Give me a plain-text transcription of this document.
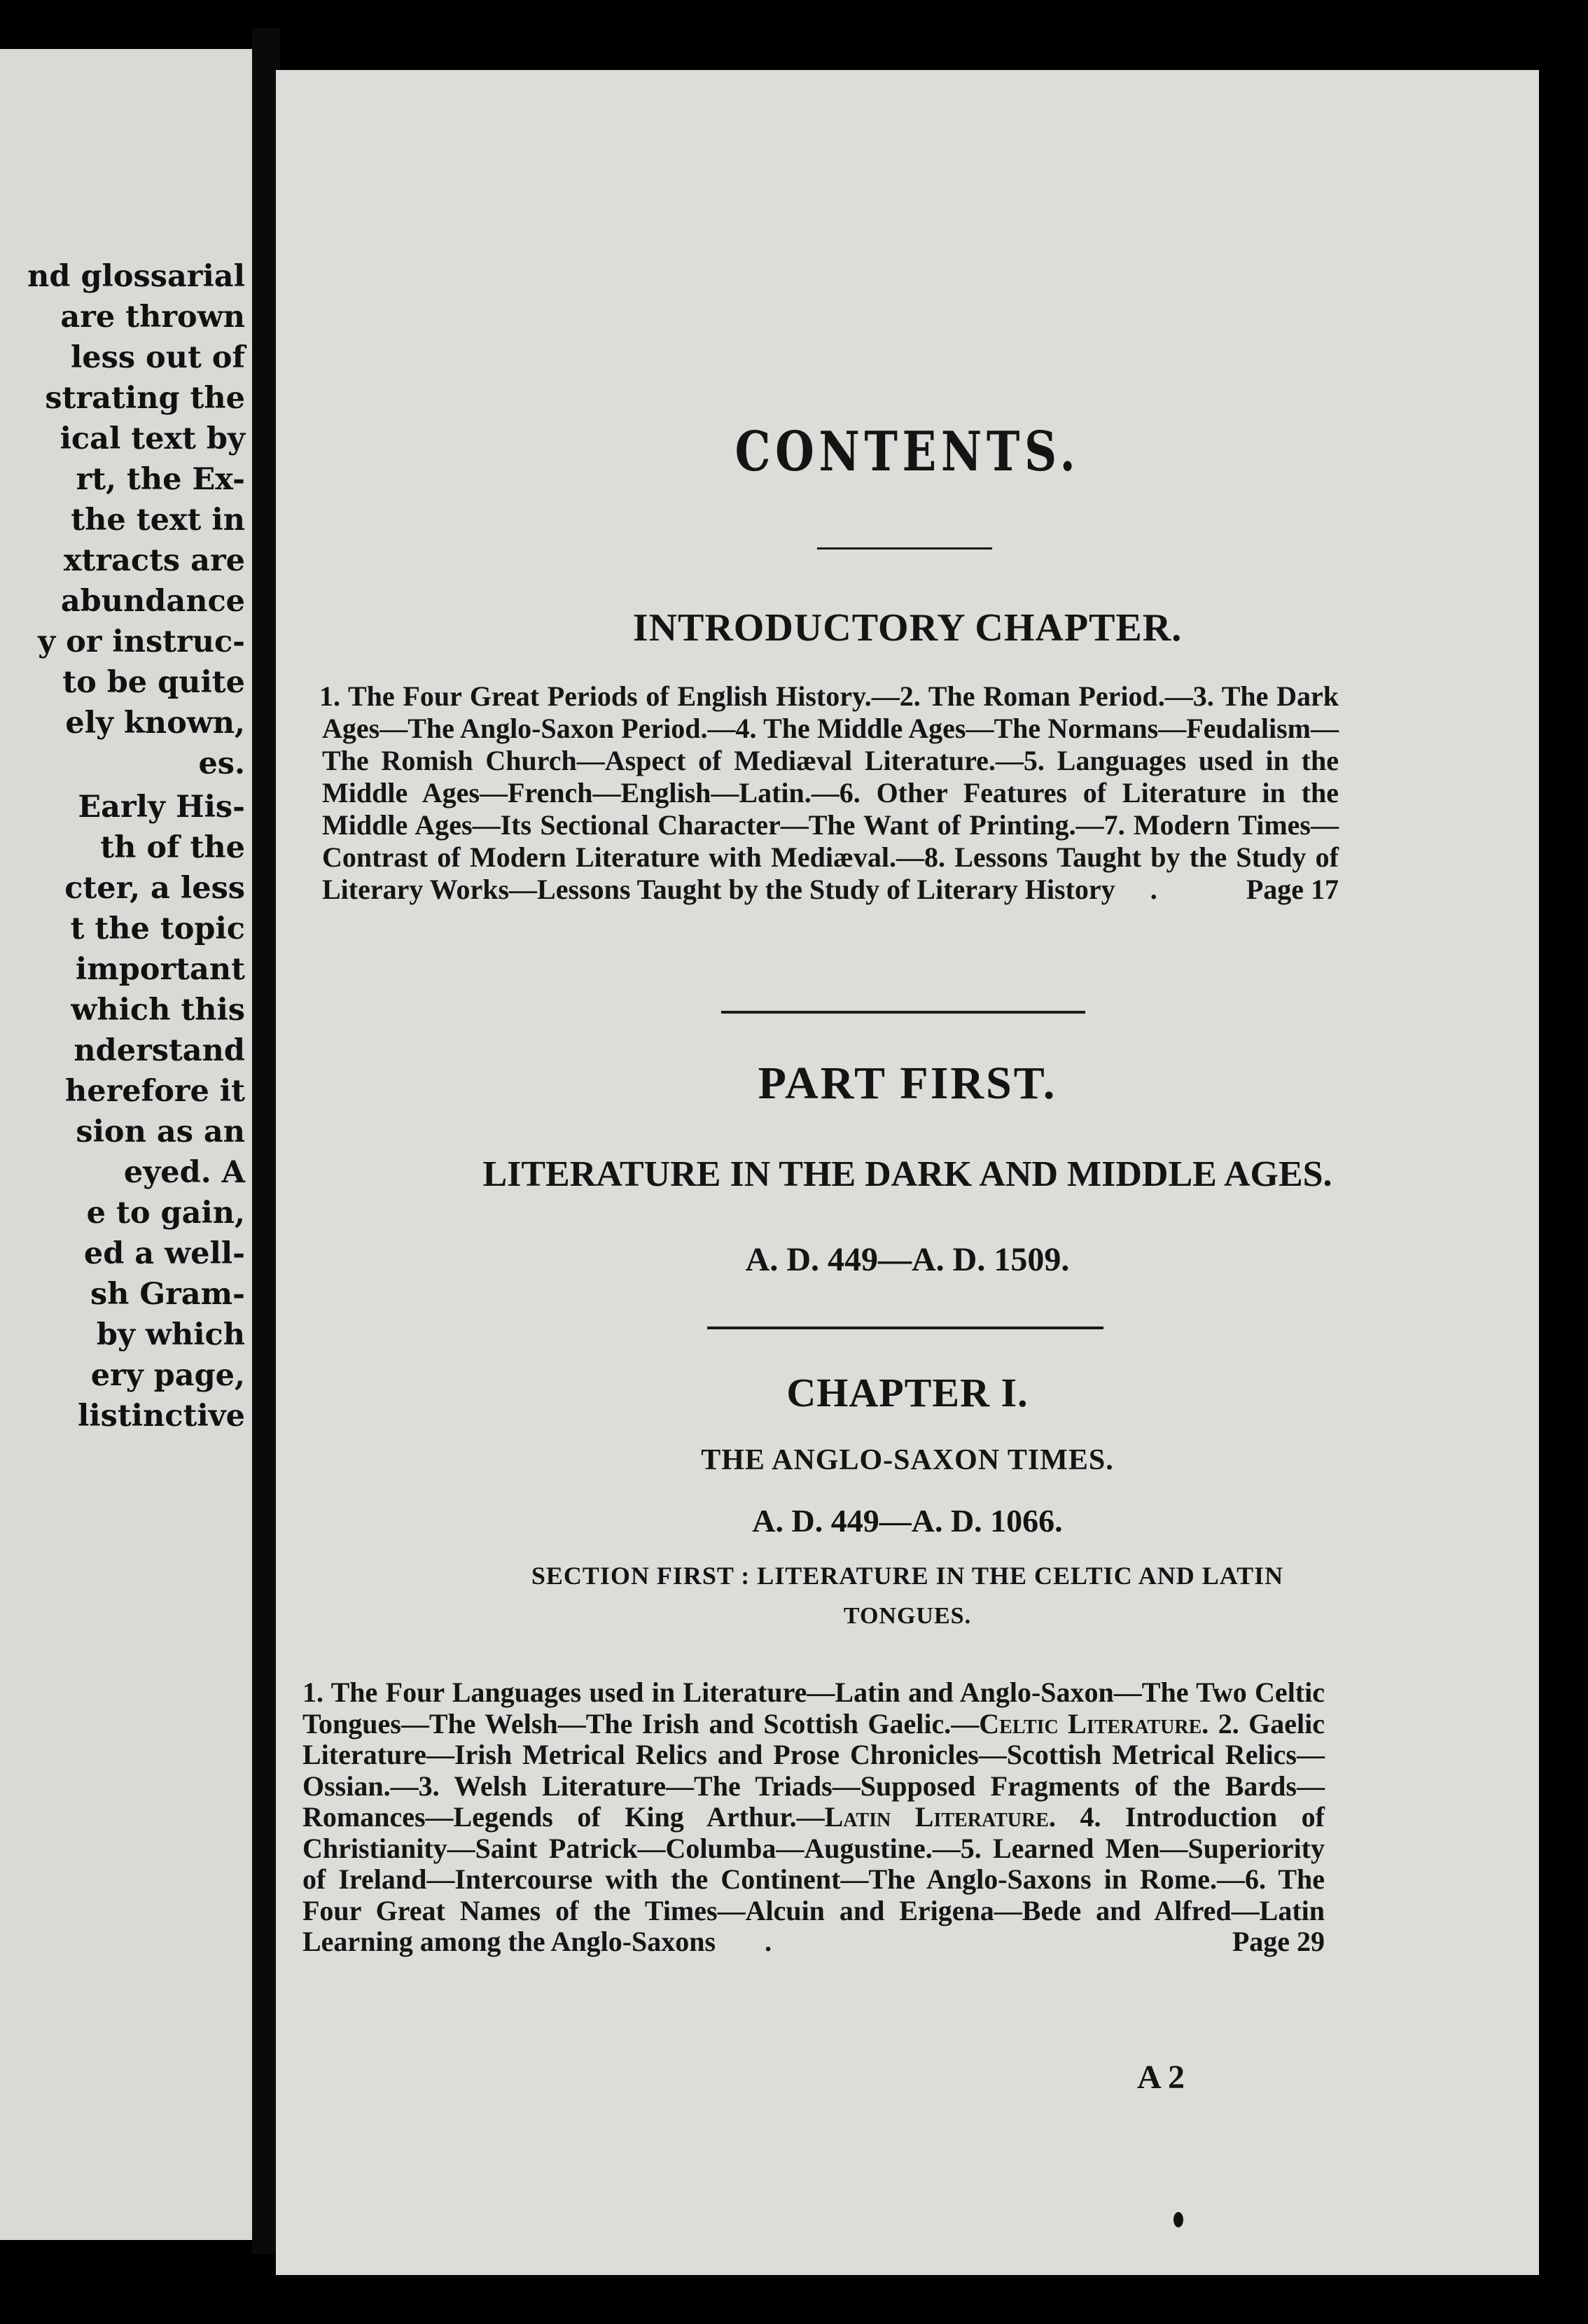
nd glossarial
are thrown
less out of
strating the
ical text by
rt, the Ex-
the text in
xtracts are
abundance
y or instruc-
to be quite
ely known,
es.
Early His-
th of the
cter, a less
t the topic
important
which this
nderstand
herefore it
sion as an
eyed. A
e to gain,
ed a well-
sh Gram-
by which
ery page,
listinctive
CONTENTS.
INTRODUCTORY CHAPTER.
1. The Four Great Periods of English History.—2. The Roman Period.—3. The Dark Ages—The Anglo-Saxon Period.—4. The Middle Ages—The Normans—Feudalism—The Romish Church—Aspect of Mediæval Literature.—5. Languages used in the Middle Ages—French—English—Latin.—6. Other Features of Literature in the Middle Ages—Its Sectional Character—The Want of Printing.—7. Modern Times—Contrast of Modern Literature with Mediæval.—8. Lessons Taught by the Study of Literary Works—Lessons Taught by the Study of Literary History .	Page 17
PART FIRST.
LITERATURE IN THE DARK AND MIDDLE AGES.
A. D. 449—A. D. 1509.
CHAPTER I.
THE ANGLO-SAXON TIMES.
A. D. 449—A. D. 1066.
SECTION FIRST : LITERATURE IN THE CELTIC AND LATIN
TONGUES.
1. The Four Languages used in Literature—Latin and Anglo-Saxon—The Two Celtic Tongues—The Welsh—The Irish and Scottish Gaelic.—Celtic Literature. 2. Gaelic Literature—Irish Metrical Relics and Prose Chronicles—Scottish Metrical Relics—Ossian.—3. Welsh Literature—The Triads—Supposed Fragments of the Bards—Romances—Legends of King Arthur.—Latin Literature. 4. Introduction of Christianity—Saint Patrick—Columba—Augustine.—5. Learned Men—Superiority of Ireland—Intercourse with the Continent—The Anglo-Saxons in Rome.—6. The Four Great Names of the Times—Alcuin and Erigena—Bede and Alfred—Latin Learning among the Anglo-Saxons .	Page 29
A 2
